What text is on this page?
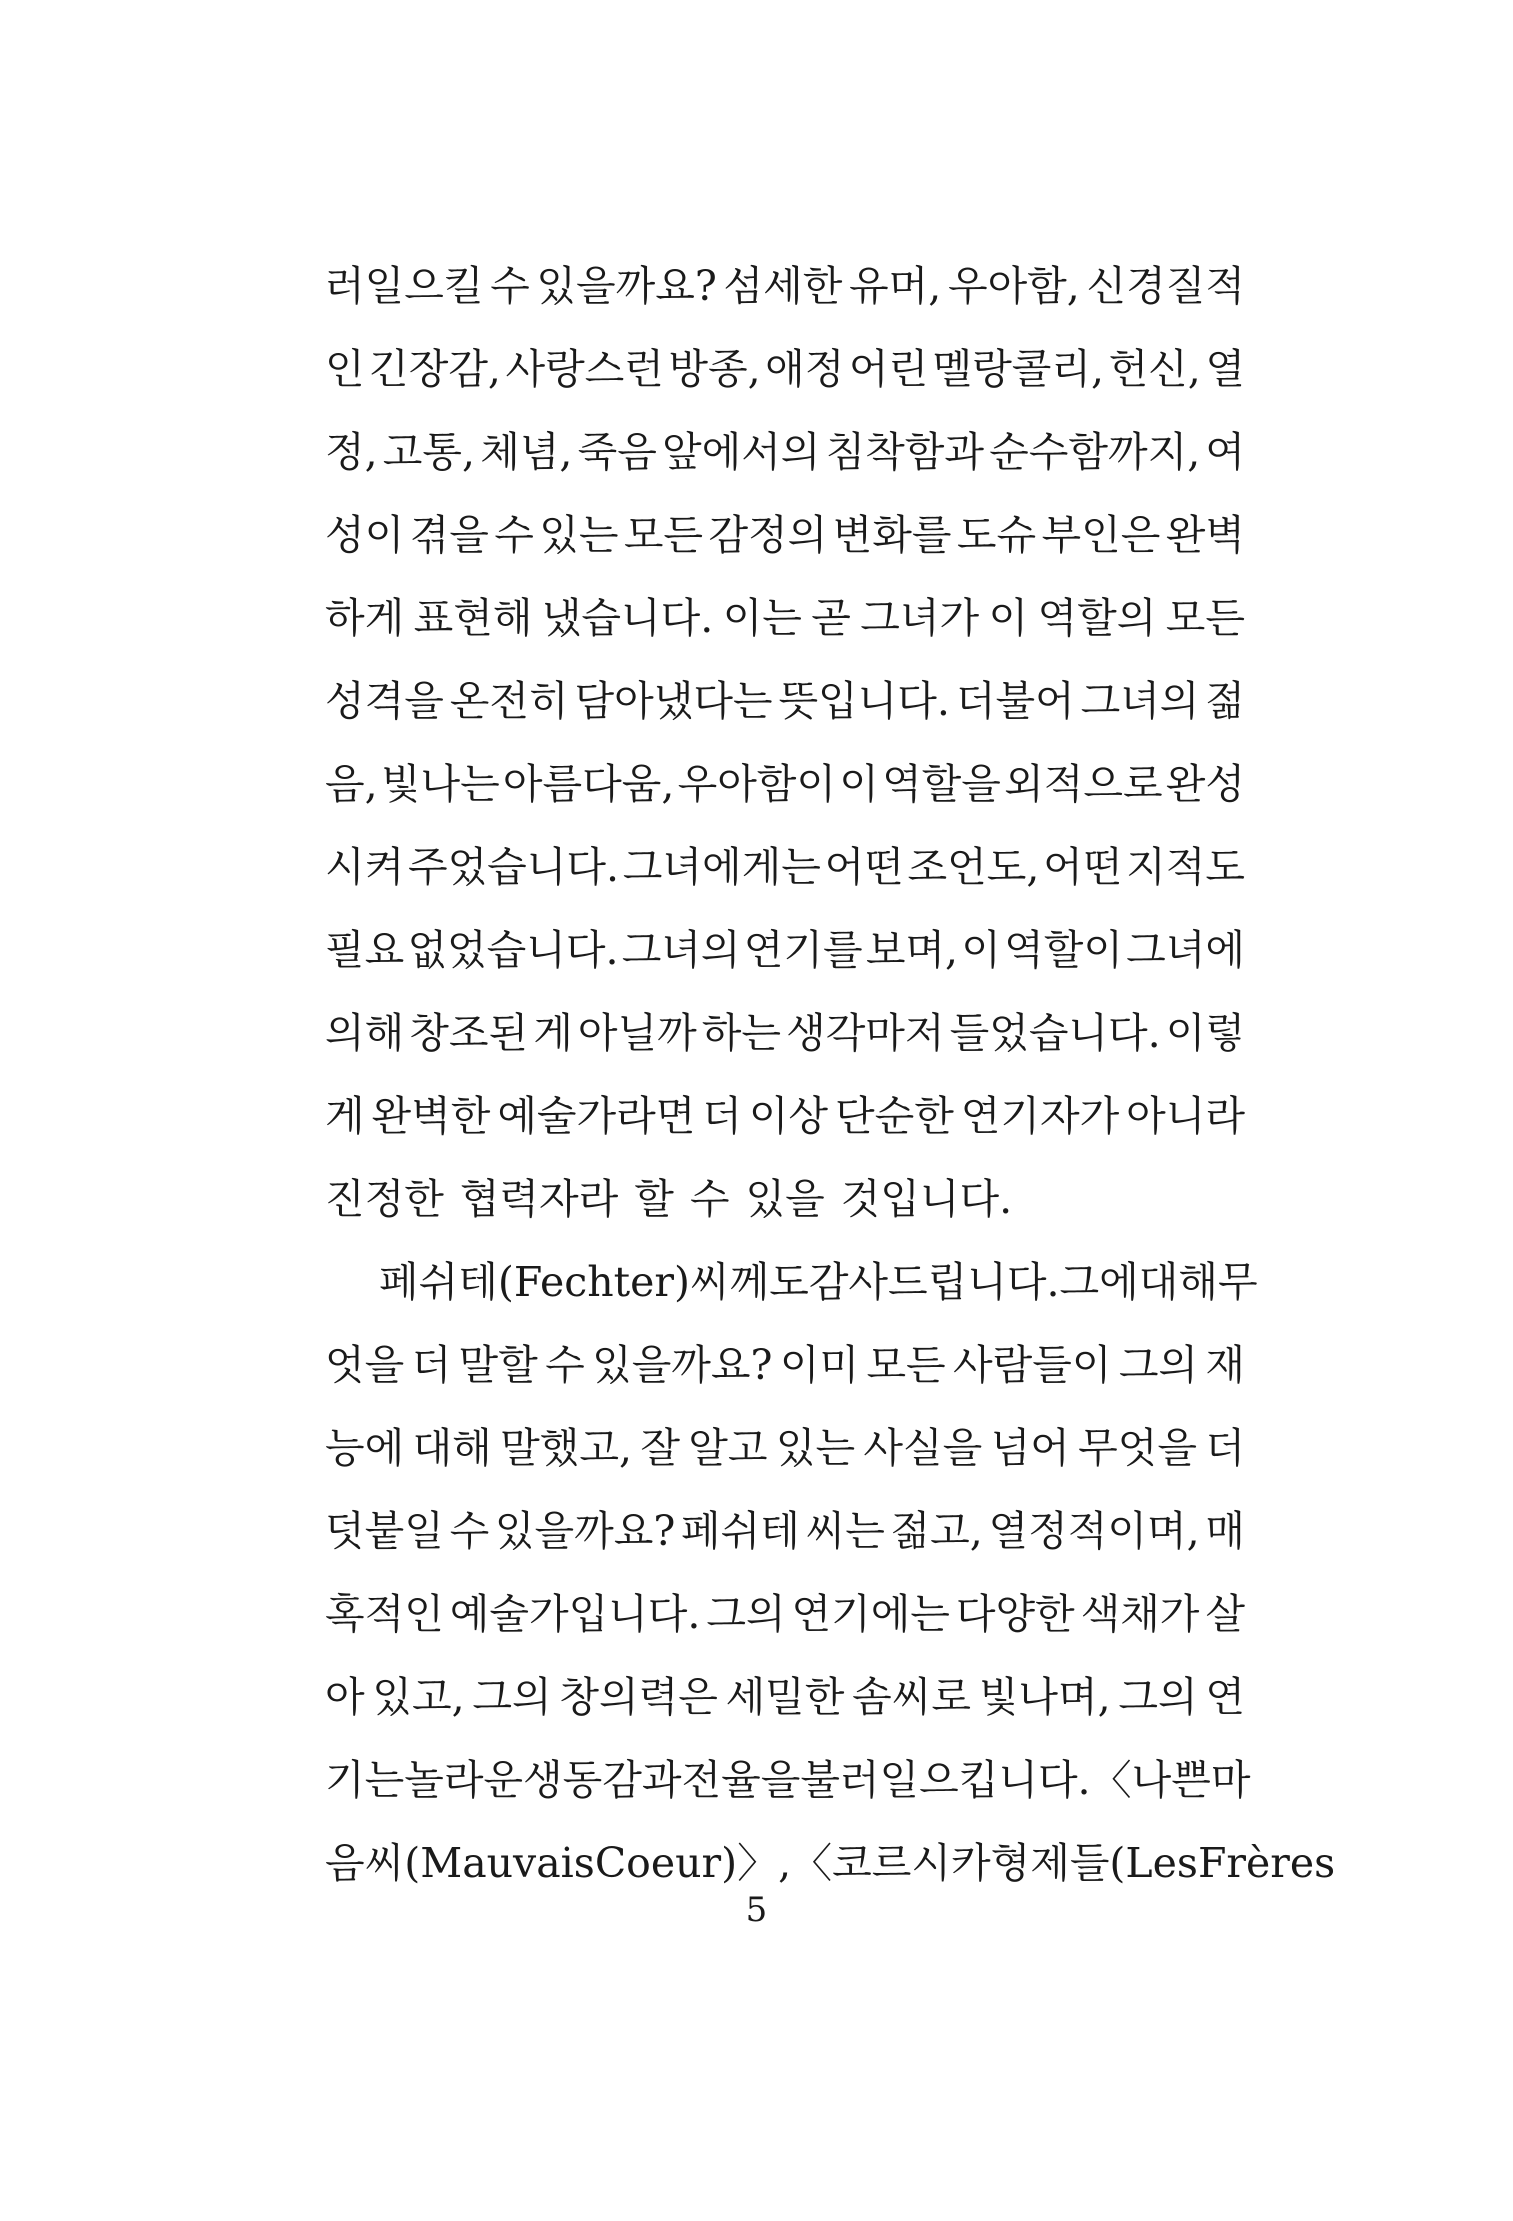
러일으킬 수 있을까요? 섬세한 유머, 우아함, 신경질적
인 긴장감, 사랑스런 방종, 애정 어린 멜랑콜리, 헌신, 열
정, 고통, 체념, 죽음 앞에서의 침착함과 순수함까지, 여
성이 겪을 수 있는 모든 감정의 변화를 도슈 부인은 완벽
하게 표현해 냈습니다. 이는 곧 그녀가 이 역할의 모든
성격을 온전히 담아냈다는 뜻입니다. 더불어 그녀의 젊
음, 빛나는 아름다움, 우아함이 이 역할을 외적으로 완성
시켜 주었습니다. 그녀에게는 어떤 조언도, 어떤 지적도
필요 없었습니다. 그녀의 연기를 보며, 이 역할이 그녀에
의해 창조된 게 아닐까 하는 생각마저 들었습니다. 이렇
게 완벽한 예술가라면 더 이상 단순한 연기자가 아니라
진정한 협력자라 할 수 있을 것입니다.
페쉬테(Fechter) 씨께도 감사드립니다. 그에 대해 무
엇을 더 말할 수 있을까요? 이미 모든 사람들이 그의 재
능에 대해 말했고, 잘 알고 있는 사실을 넘어 무엇을 더
덧붙일 수 있을까요? 페쉬테 씨는 젊고, 열정적이며, 매
혹적인 예술가입니다. 그의 연기에는 다양한 색채가 살
아 있고, 그의 창의력은 세밀한 솜씨로 빛나며, 그의 연
기는 놀라운 생동감과 전율을 불러일으킵니다. 〈나쁜 마
음씨(Mauvais Coeur)〉, 〈코르시카 형제들(Les Frères
5
